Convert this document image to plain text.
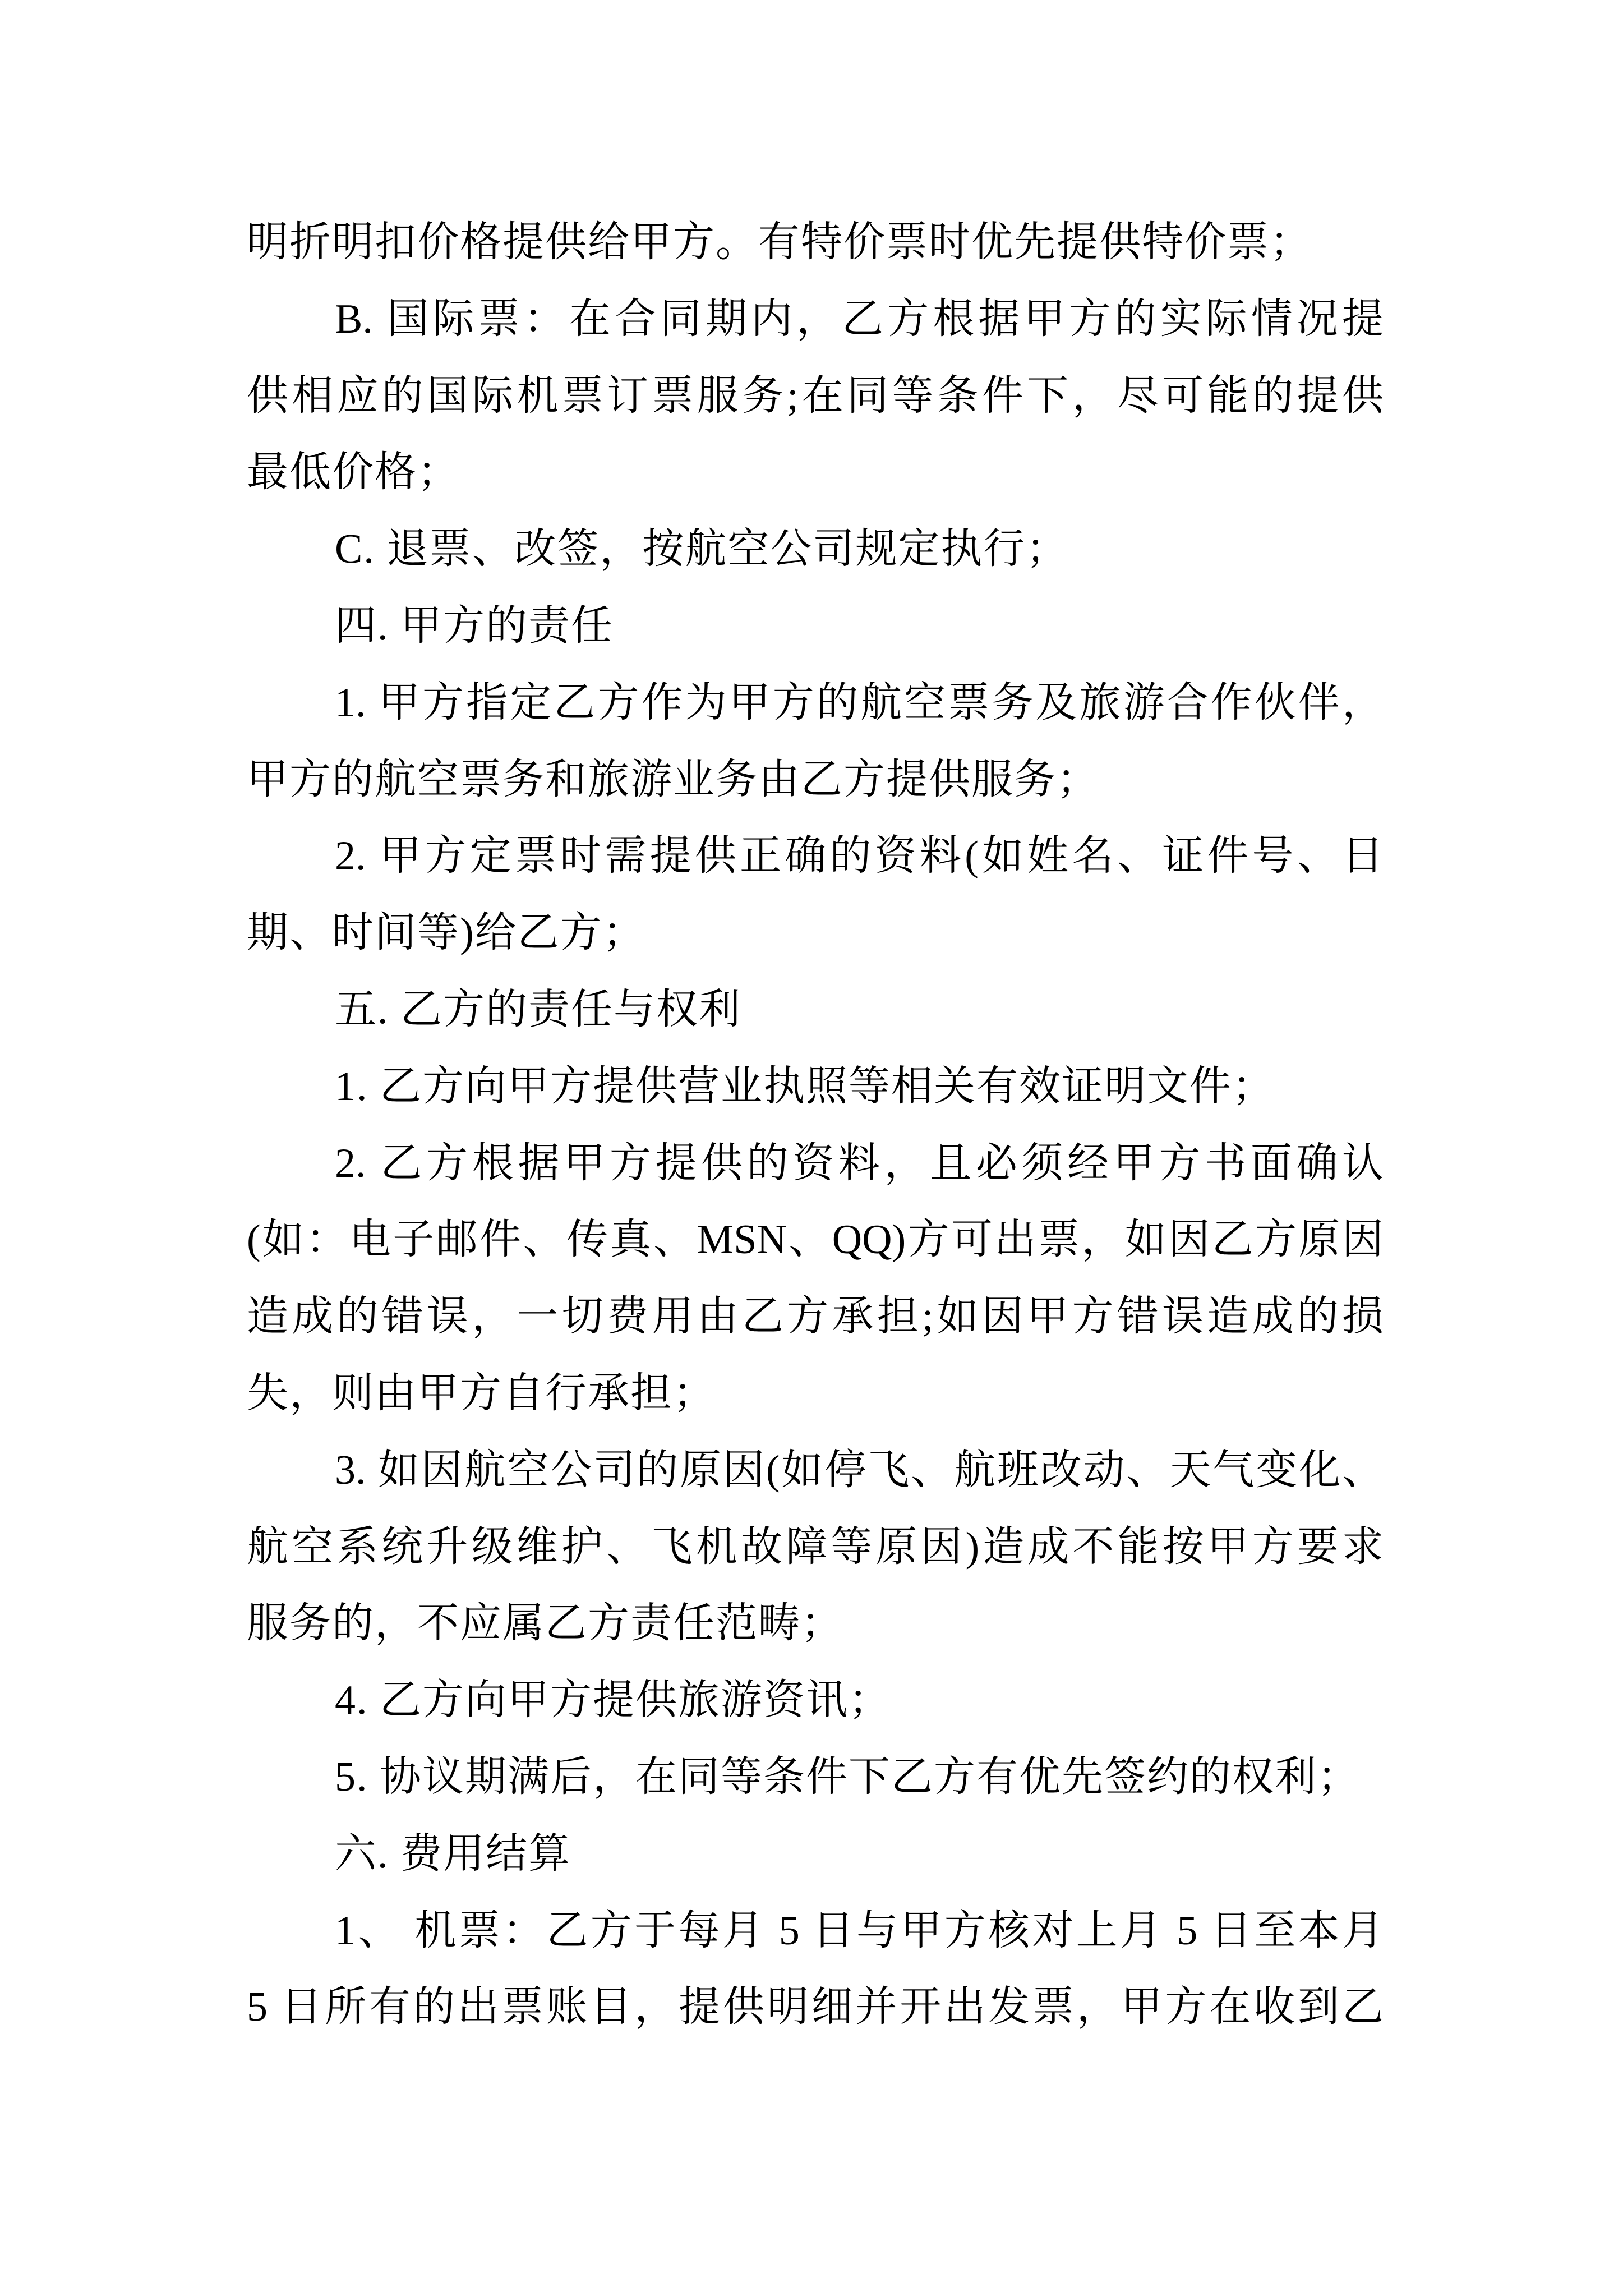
明折明扣价格提供给甲方。有特价票时优先提供特价票；
B. 国际票：在合同期内，乙方根据甲方的实际情况提
供相应的国际机票订票服务;在同等条件下，尽可能的提供
最低价格；
C. 退票、改签，按航空公司规定执行；
四. 甲方的责任
1. 甲方指定乙方作为甲方的航空票务及旅游合作伙伴，
甲方的航空票务和旅游业务由乙方提供服务；
2. 甲方定票时需提供正确的资料(如姓名、证件号、日
期、时间等)给乙方；
五. 乙方的责任与权利
1. 乙方向甲方提供营业执照等相关有效证明文件；
2. 乙方根据甲方提供的资料，且必须经甲方书面确认
(如：电子邮件、传真、MSN、QQ)方可出票，如因乙方原因
造成的错误，一切费用由乙方承担;如因甲方错误造成的损
失，则由甲方自行承担；
3. 如因航空公司的原因(如停飞、航班改动、天气变化、
航空系统升级维护、飞机故障等原因)造成不能按甲方要求
服务的，不应属乙方责任范畴；
4. 乙方向甲方提供旅游资讯；
5. 协议期满后，在同等条件下乙方有优先签约的权利；
六. 费用结算
1、 机票：乙方于每月 5 日与甲方核对上月 5 日至本月
5 日所有的出票账目，提供明细并开出发票，甲方在收到乙
